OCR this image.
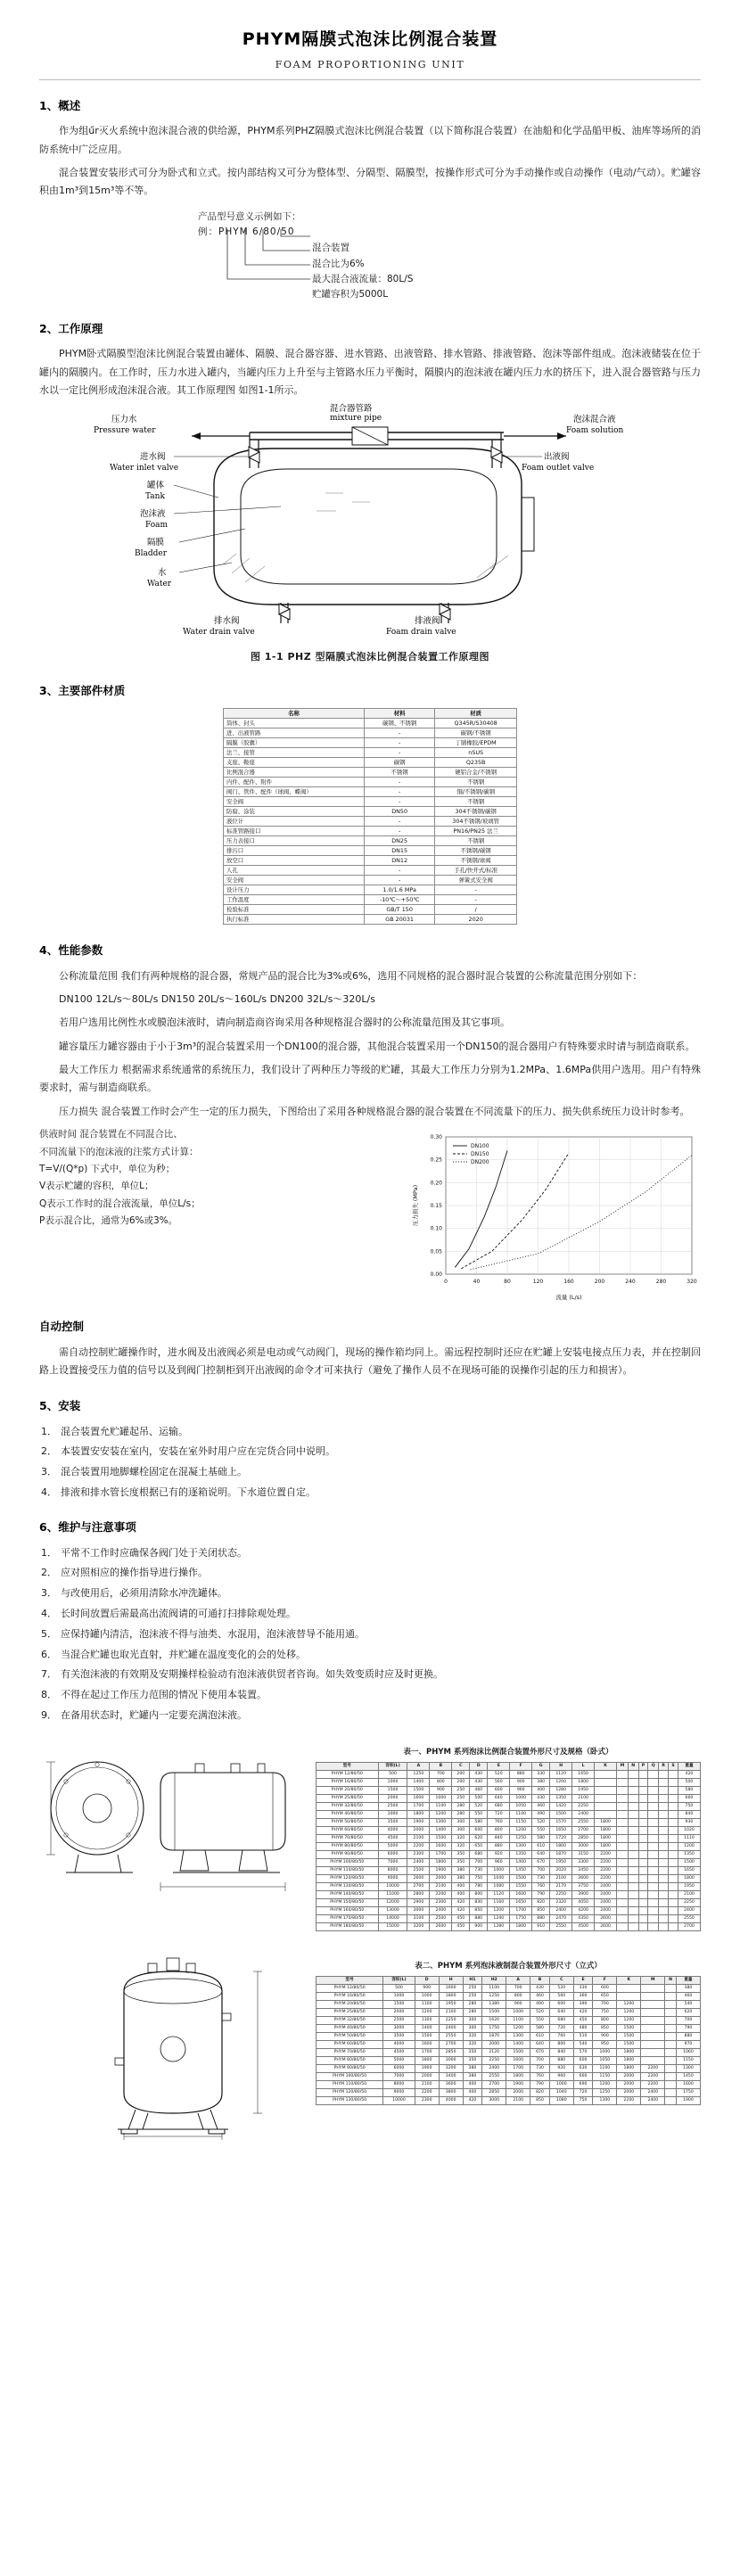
PHYM隔膜式泡沫比例混合装置
FOAM PROPORTIONING UNIT
1、概述

作为组űr灭火系统中泡沫混合液的供给源，PHYM系列PHZ隔膜式泡沫比例混合装置（以下简称混合装置）在油船和化学品船甲板、油库等场所的消防系统中广泛应用。

混合装置安装形式可分为卧式和立式。按内部结构又可分为整体型、分隔型、隔膜型，按操作形式可分为手动操作或自动操作（电动/气动）。贮罐容积由1m³到15m³等不等。

产品型号意义示例如下：
例：PHYM 6/80/50
混合装置
混合比为6%
最大混合液流量：80L/S
贮罐容积为5000L
2、工作原理

PHYM卧式隔膜型泡沫比例混合装置由罐体、隔膜、混合器容器、进水管路、出液管路、排水管路、排液管路、泡沫等部件组成。泡沫液储装在位于罐内的隔膜内。在工作时，压力水进入罐内，当罐内压力上升至与主管路水压力平衡时，隔膜内的泡沫液在罐内压力水的挤压下，进入混合器管路与压力水以一定比例形成泡沫混合液。其工作原理图 如图1-1所示。

压力水
Pressure water
混合器管路
mixture pipe	泡沫混合液
Foam solution
进水阀
Water inlet valve
罐体
Tank
泡沫液
Foam
隔膜
Bladder
水
Water
出液阀
Foam outlet valve
排水阀
Water drain valve
排液阀
Foam drain valve
图 1-1 PHZ 型隔膜式泡沫比例混合装置工作原理图
3、主要部件材质
名称	材料	材质
筒体、封头	碳钢、不锈钢	Q345R/S30408
进、出液管路	-	碳钢/不锈钢
隔膜（胶囊）	-	丁腈橡胶/EPDM
法兰、接管	-	nSUS
支座、鞍座	碳钢	Q235B
比例混合器	不锈钢	硬铝合金/不锈钢
内件、配件、附件	-	不锈钢
阀门、管件、配件（球阀、蝶阀）	-	铜/不锈钢/碳钢
安全阀	-	不锈钢
防腐、涂装	DN50	304不锈钢/碳钢
液位计	-	304不锈钢/玻璃管
标准管路接口	-	PN16/PN25 法兰
压力表接口	DN25	不锈钢
排污口	DN15	不锈钢/碳钢
放空口	DN12	不锈钢/球阀
人孔	-	手孔/快开式/标准
安全阀	-	弹簧式安全阀
设计压力	1.0/1.6 MPa	-
工作温度	-10℃～+50℃	-
检验标准	GB/T 150	/
执行标准	GB 20031	2020
4、性能参数

公称流量范围 我们有两种规格的混合器，常规产品的混合比为3%或6%，选用不同规格的混合器时混合装置的公称流量范围分别如下：

DN100 12L/s～80L/s DN150 20L/s～160L/s DN200 32L/s～320L/s

若用户选用比例性水或膜泡沫液时，请向制造商咨询采用各种规格混合器时的公称流量范围及其它事项。

罐容量压力罐容器由于小于3m³的混合装置采用一个DN100的混合器，其他混合装置采用一个DN150的混合器用户有特殊要求时请与制造商联系。

最大工作压力 根据需求系统通常的系统压力，我们设计了两种压力等级的贮罐，其最大工作压力分别为1.2MPa、1.6MPa供用户选用。用户有特殊要求时，需与制造商联系。

压力损失 混合装置工作时会产生一定的压力损失，下图给出了采用各种规格混合器的混合装置在不同流量下的压力、损失供系统压力设计时参考。

供液时间 混合装置在不同混合比、
不同流量下的泡沫液的注浆方式计算：
T=V/(Q*p) 下式中，单位为秒；
V表示贮罐的容积，单位L；
Q表示工作时的混合液流量，单位L/s；
P表示混合比，通常为6%或3%。
0	40	80	120	160	200	240	280	320
0.00
0.05
0.10
0.15
0.20
0.25
0.30
流量 (L/s)
压力损失 (MPa)
DN100
DN150
DN200
自动控制

需自动控制贮罐操作时，进水阀及出液阀必须是电动或气动阀门，现场的操作箱均同上。需远程控制时还应在贮罐上安装电接点压力表，并在控制回路上设置接受压力值的信号以及到阀门控制柜到开出液阀的命令才可来执行（避免了操作人员不在现场可能的误操作引起的压力和损害）。

5、安装
1． 混合装置允贮罐起吊、运输。
2． 本装置安安装在室内，安装在室外时用户应在完货合同中说明。
3． 混合装置用地脚螺栓固定在混凝土基础上。
4． 排液和排水管长度根据已有的逐箱说明。下水道位置自定。
6、维护与注意事项
1． 平常不工作时应确保各阀门处于关闭状态。
2． 应对照相应的操作指导进行操作。
3． 与改使用后，必须用清除水冲洗罐体。
4． 长时间放置后需最高出流阀请的可通打扫排除观处理。
5． 应保持罐内清洁，泡沫液不得与油类、水混用，泡沫液替导不能用通。
6． 当混合贮罐也取光直射，并贮罐在温度变化的会的处移。
7． 有关泡沫液的有效期及安期操样检验动有泡沫液供贸者咨询。如失效变质时应及时更换。
8． 不得在起过工作压力范围的情况下使用本装置。
9． 在备用状态时，贮罐内一定要充满泡沫液。
表一、PHYM 系列泡沫比例混合装置外形尺寸及规格（卧式）
型号	容积(L)	A	B	C	D	E	F	G	H	L	K	M	N	P	Q	R	S	重量
PHYM 12/80/50	500	1250	700	200	430	520	880	330	1120	1650								420
PHYM 16/80/50	1000	1400	800	200	430	560	900	380	1200	1800								500
PHYM 20/80/50	1500	1500	900	250	460	600	960	400	1280	1950								580
PHYM 25/80/50	2000	1600	1000	250	500	640	1000	430	1350	2100								660
PHYM 32/80/50	2500	1700	1100	280	520	680	1050	460	1420	2250								750
PHYM 40/80/50	3000	1800	1200	280	550	720	1100	490	1500	2400								840
PHYM 50/80/50	3500	1900	1300	300	580	760	1150	520	1570	2550	1800							930
PHYM 60/80/50	4000	2000	1400	300	600	800	1200	550	1650	2700	1800							1020
PHYM 70/80/50	4500	2100	1500	320	620	840	1250	580	1720	2850	1800							1110
PHYM 80/80/50	5000	2200	1600	320	650	880	1300	610	1800	3000	1800							1200
PHYM 90/80/50	6000	2300	1700	350	680	920	1350	640	1870	3150	2200							1350
PHYM 100/80/50	7000	2400	1800	350	700	960	1400	670	1950	3300	2200							1500
PHYM 110/80/50	8000	2500	1900	380	730	1000	1450	700	2020	3450	2200							1650
PHYM 120/80/50	9000	2600	2000	380	750	1040	1500	730	2100	3600	2200							1800
PHYM 130/80/50	10000	2700	2100	400	780	1080	1550	760	2170	3750	2400							1950
PHYM 140/80/50	11000	2800	2200	400	800	1120	1600	790	2250	3900	2400							2100
PHYM 150/80/50	12000	2900	2300	420	830	1160	1650	820	2320	4050	2400							2250
PHYM 160/80/50	13000	3000	2400	420	850	1200	1700	850	2400	4200	2400							2400
PHYM 170/80/50	14000	3100	2500	450	880	1240	1750	880	2470	4350	2600							2550
PHYM 180/80/50	15000	3200	2600	450	900	1280	1800	910	2550	4500	2600							2700
表二、PHYM 系列泡沫液制混合装置外形尺寸（立式）
型号	容积(L)	D	H	H1	H2	A	B	C	E	F	K	M	N	重量
PHYM 12/80/50	500	900	1600	250	1100	700	430	520	330	600				380
PHYM 16/80/50	1000	1000	1800	250	1250	800	460	560	360	650				460
PHYM 20/80/50	1500	1100	1950	280	1380	900	490	600	390	700	1200			540
PHYM 25/80/50	2000	1200	2100	280	1500	1000	520	640	420	750	1200			620
PHYM 32/80/50	2500	1300	2250	300	1620	1100	550	680	450	800	1200			700
PHYM 40/80/50	3000	1400	2400	300	1750	1200	580	720	480	850	1500			790
PHYM 50/80/50	3500	1500	2550	320	1870	1300	610	760	510	900	1500			880
PHYM 60/80/50	4000	1600	2700	320	2000	1400	640	800	540	950	1500			970
PHYM 70/80/50	4500	1700	2850	350	2120	1500	670	840	570	1000	1800			1060
PHYM 80/80/50	5000	1800	3000	350	2250	1600	700	880	600	1050	1800			1150
PHYM 90/80/50	6000	1900	3200	380	2400	1700	730	920	630	1100	1800	2200		1300
PHYM 100/80/50	7000	2000	3400	380	2550	1800	760	960	660	1150	2000	2200		1450
PHYM 110/80/50	8000	2100	3600	400	2700	1900	790	1000	690	1200	2000	2200		1600
PHYM 120/80/50	9000	2200	3800	400	2850	2000	820	1040	720	1250	2000	2400		1750
PHYM 130/80/50	10000	2300	4000	420	3000	2100	850	1080	750	1300	2200	2400		1900
